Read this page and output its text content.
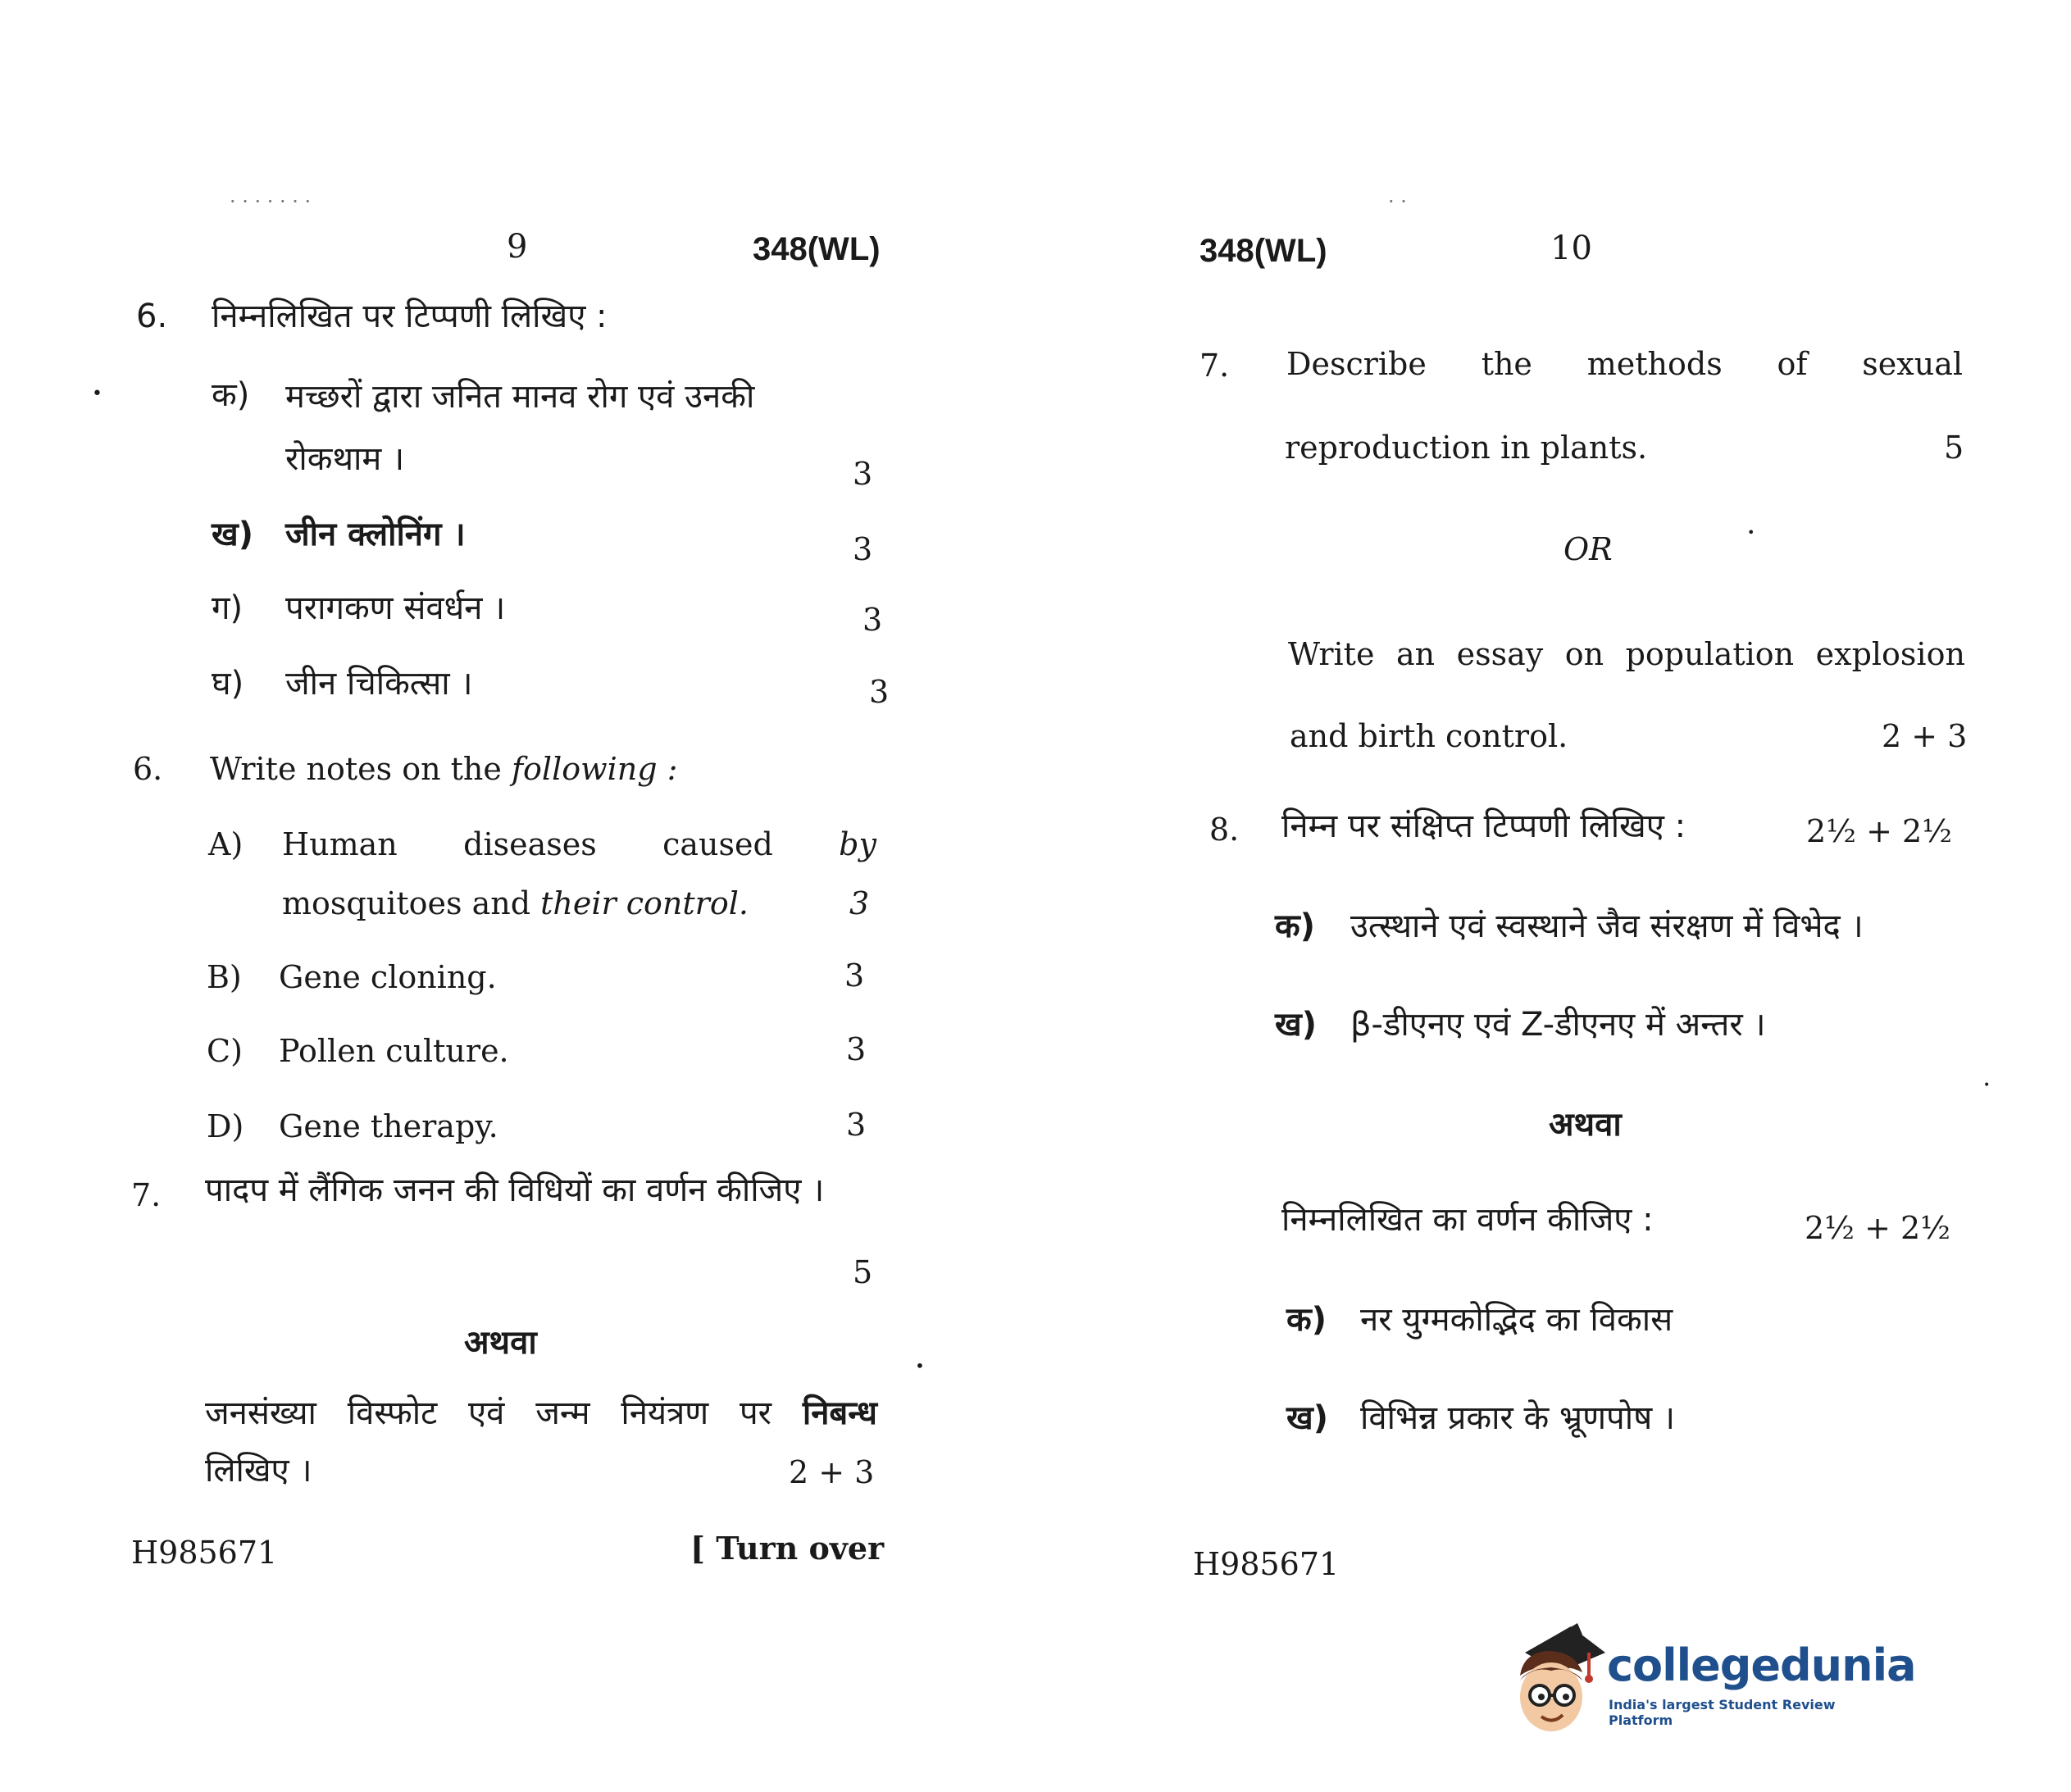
· · · · · · ·
9	348(WL)
6. निम्नलिखित पर टिप्पणी लिखिए :
•	क) मच्छरों द्वारा जनित मानव रोग एवं उनकी
रोकथाम ।	3
ख) जीन क्लोनिंग ।	3
ग) परागकण संवर्धन ।	3
घ) जीन चिकित्सा ।	3
6. Write notes on the following :
A) Human diseases caused by
mosquitoes and their control.	3
B) Gene cloning.	3
C) Pollen culture.	3
D) Gene therapy.	3
7. पादप में लैंगिक जनन की विधियों का वर्णन कीजिए ।
5
अथवा
•
जनसंख्या विस्फोट एवं जन्म नियंत्रण पर निबन्ध
लिखिए ।	2 + 3
H985671	[ Turn over
· ·
348(WL)	10
7. Describe the methods of sexual
reproduction in plants.	5
OR	•
Write an essay on population explosion
and birth control.	2 + 3
8. निम्न पर संक्षिप्त टिप्पणी लिखिए :	2½ + 2½
क) उत्स्थाने एवं स्वस्थाने जैव संरक्षण में विभेद ।
ख) β-डीएनए एवं Z-डीएनए में अन्तर ।
•
अथवा
निम्नलिखित का वर्णन कीजिए :	2½ + 2½
क) नर युग्मकोद्भिद का विकास
ख) विभिन्न प्रकार के भ्रूणपोष ।
H985671
collegedunia
India's largest Student Review Platform
